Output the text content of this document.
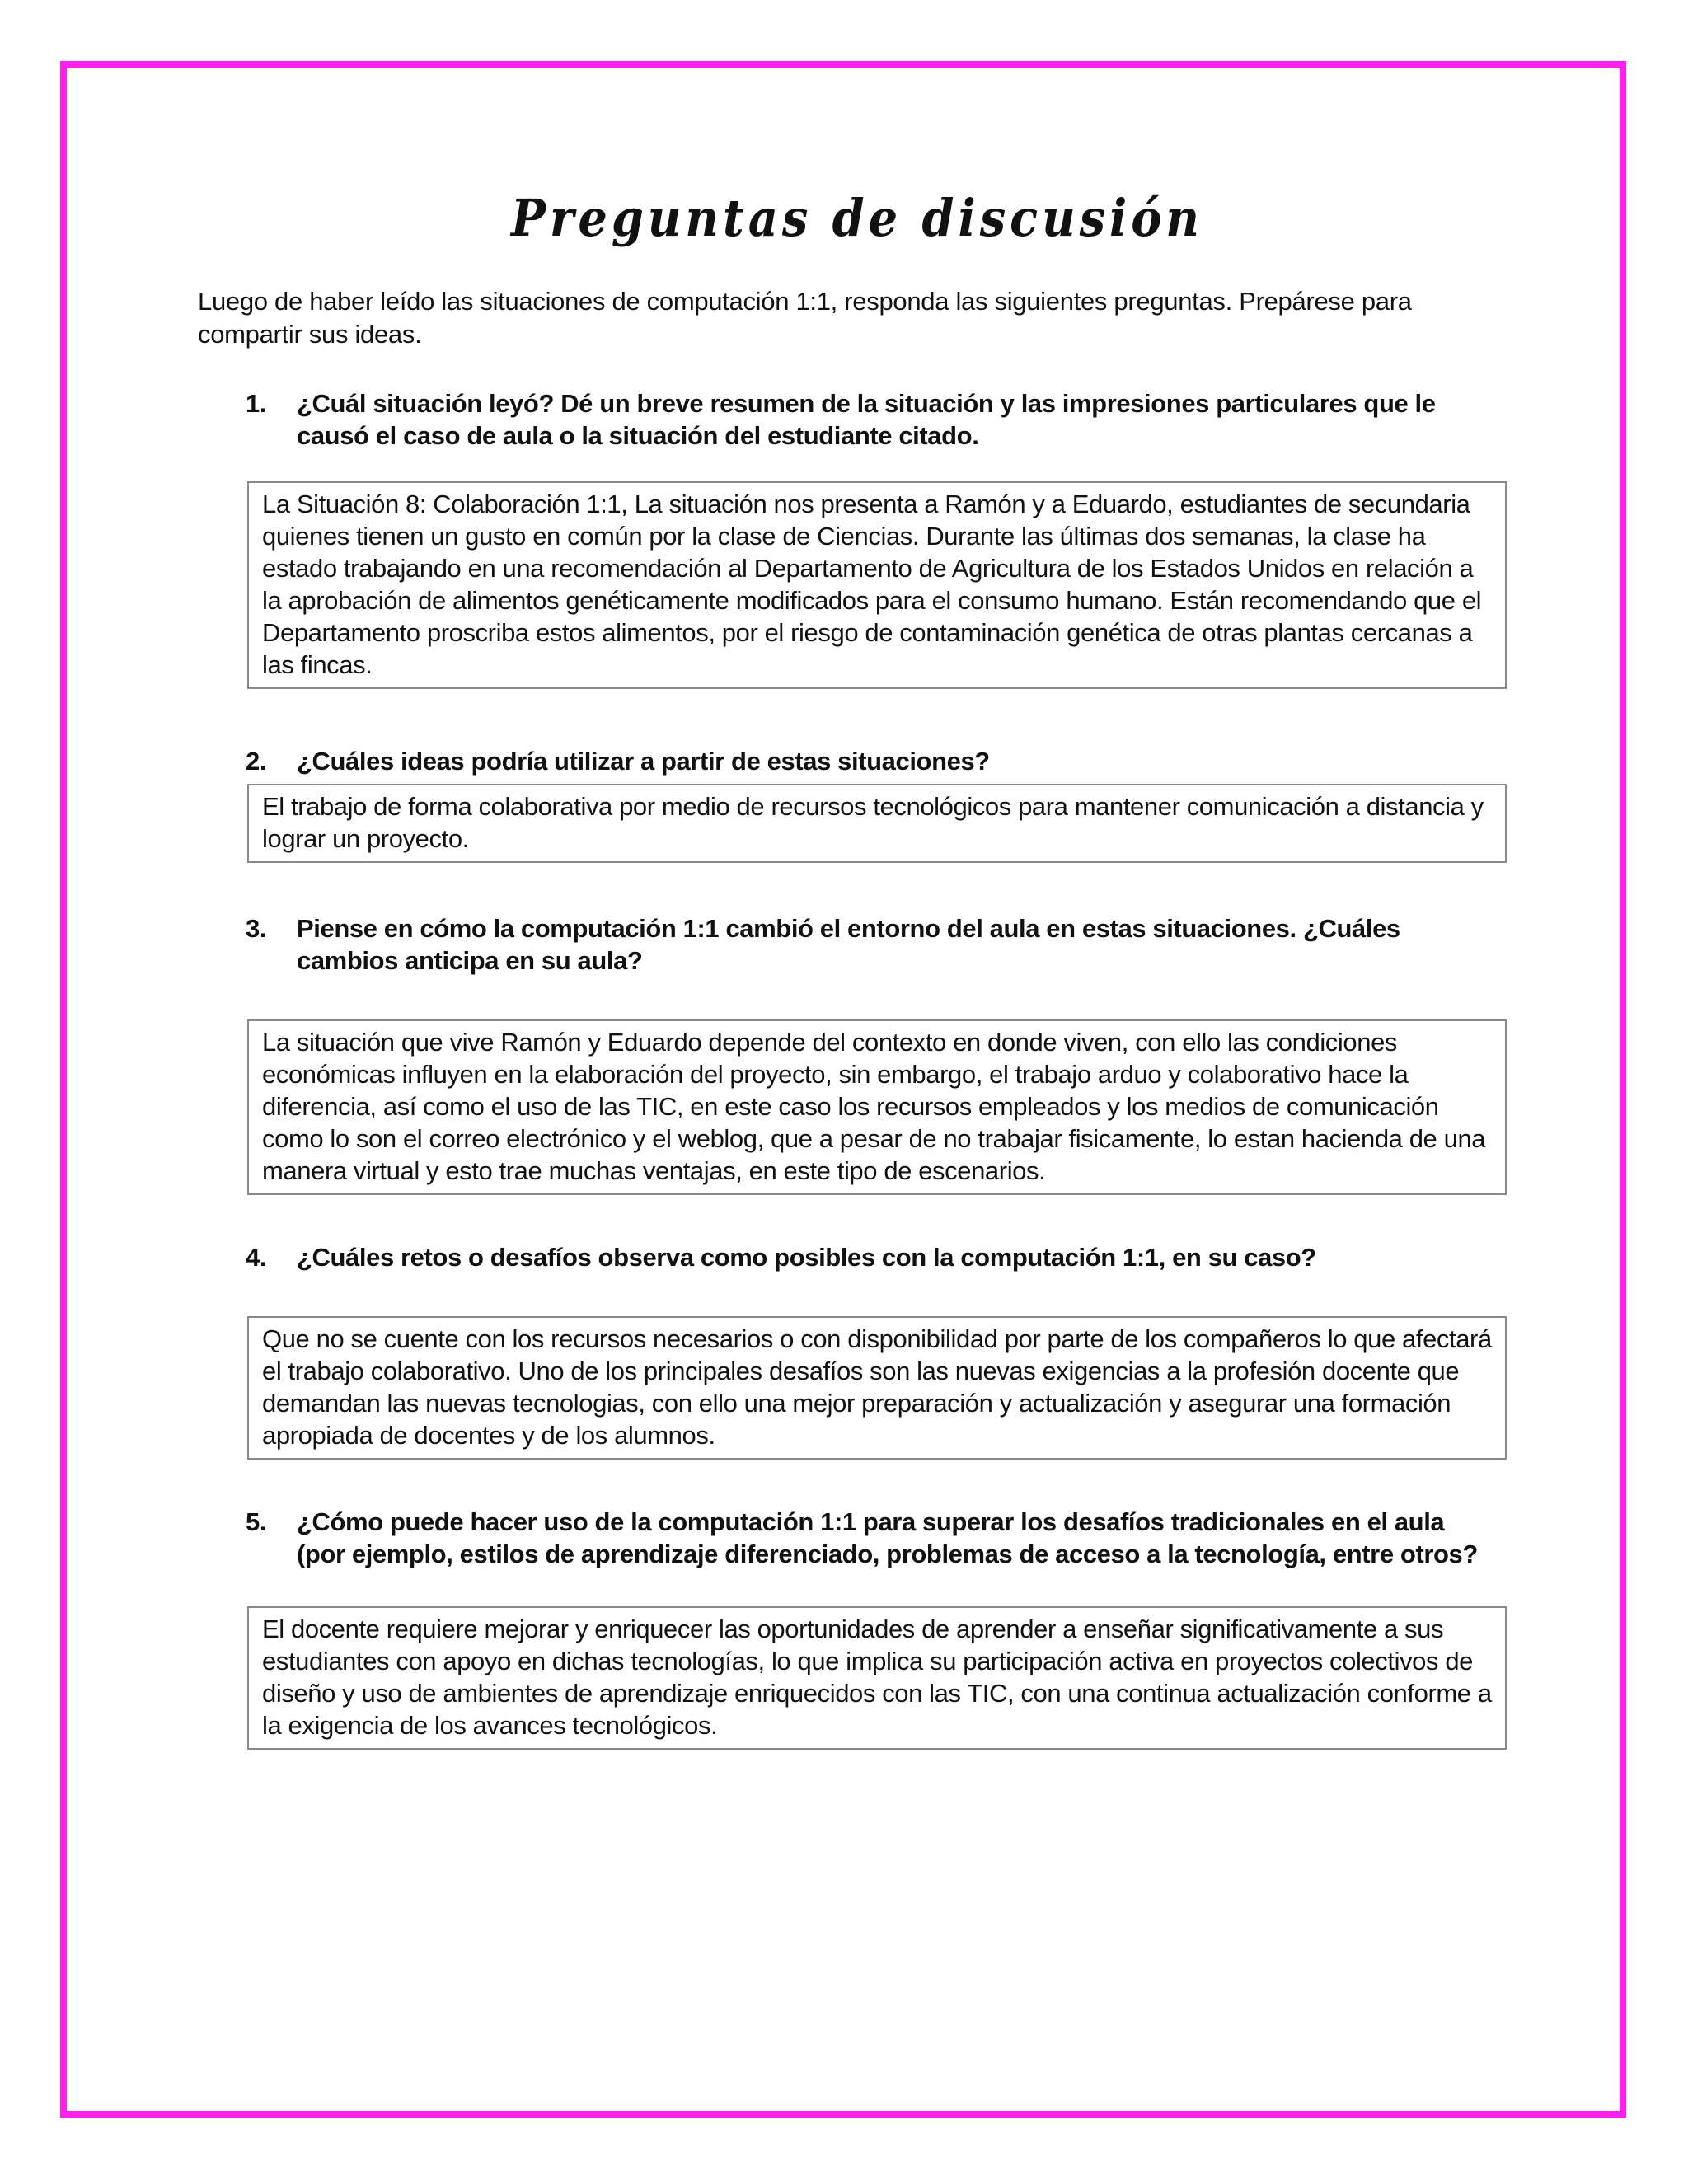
Preguntas de discusión

Luego de haber leído las situaciones de computación 1:1, responda las siguientes preguntas. Prepárese para compartir sus ideas.

1.	¿Cuál situación leyó? Dé un breve resumen de la situación y las impresiones particulares que le causó el caso de aula o la situación del estudiante citado.
La Situación 8: Colaboración 1:1, La situación nos presenta a Ramón y a Eduardo, estudiantes de secundaria quienes tienen un gusto en común por la clase de Ciencias. Durante las últimas dos semanas, la clase ha estado trabajando en una recomendación al Departamento de Agricultura de los Estados Unidos en relación a la aprobación de alimentos genéticamente modificados para el consumo humano. Están recomendando que el Departamento proscriba estos alimentos, por el riesgo de contaminación genética de otras plantas cercanas a las fincas.
2.	¿Cuáles ideas podría utilizar a partir de estas situaciones?
El trabajo de forma colaborativa por medio de recursos tecnológicos para mantener comunicación a distancia y lograr un proyecto.
3.	Piense en cómo la computación 1:1 cambió el entorno del aula en estas situaciones. ¿Cuáles cambios anticipa en su aula?
La situación que vive Ramón y Eduardo depende del contexto en donde viven, con ello las condiciones económicas influyen en la elaboración del proyecto, sin embargo, el trabajo arduo y colaborativo hace la diferencia, así como el uso de las TIC, en este caso los recursos empleados y los medios de comunicación como lo son el correo electrónico y el weblog, que a pesar de no trabajar fisicamente, lo estan hacienda de una manera virtual y esto trae muchas ventajas, en este tipo de escenarios.
4.	¿Cuáles retos o desafíos observa como posibles con la computación 1:1, en su caso?
Que no se cuente con los recursos necesarios o con disponibilidad por parte de los compañeros lo que afectará el trabajo colaborativo. Uno de los principales desafíos son las nuevas exigencias a la profesión docente que demandan las nuevas tecnologias, con ello una mejor preparación y actualización y asegurar una formación apropiada de docentes y de los alumnos.
5.	¿Cómo puede hacer uso de la computación 1:1 para superar los desafíos tradicionales en el aula (por ejemplo, estilos de aprendizaje diferenciado, problemas de acceso a la tecnología, entre otros?
El docente requiere mejorar y enriquecer las oportunidades de aprender a enseñar significativamente a sus estudiantes con apoyo en dichas tecnologías, lo que implica su participación activa en proyectos colectivos de diseño y uso de ambientes de aprendizaje enriquecidos con las TIC, con una continua actualización conforme a la exigencia de los avances tecnológicos.
